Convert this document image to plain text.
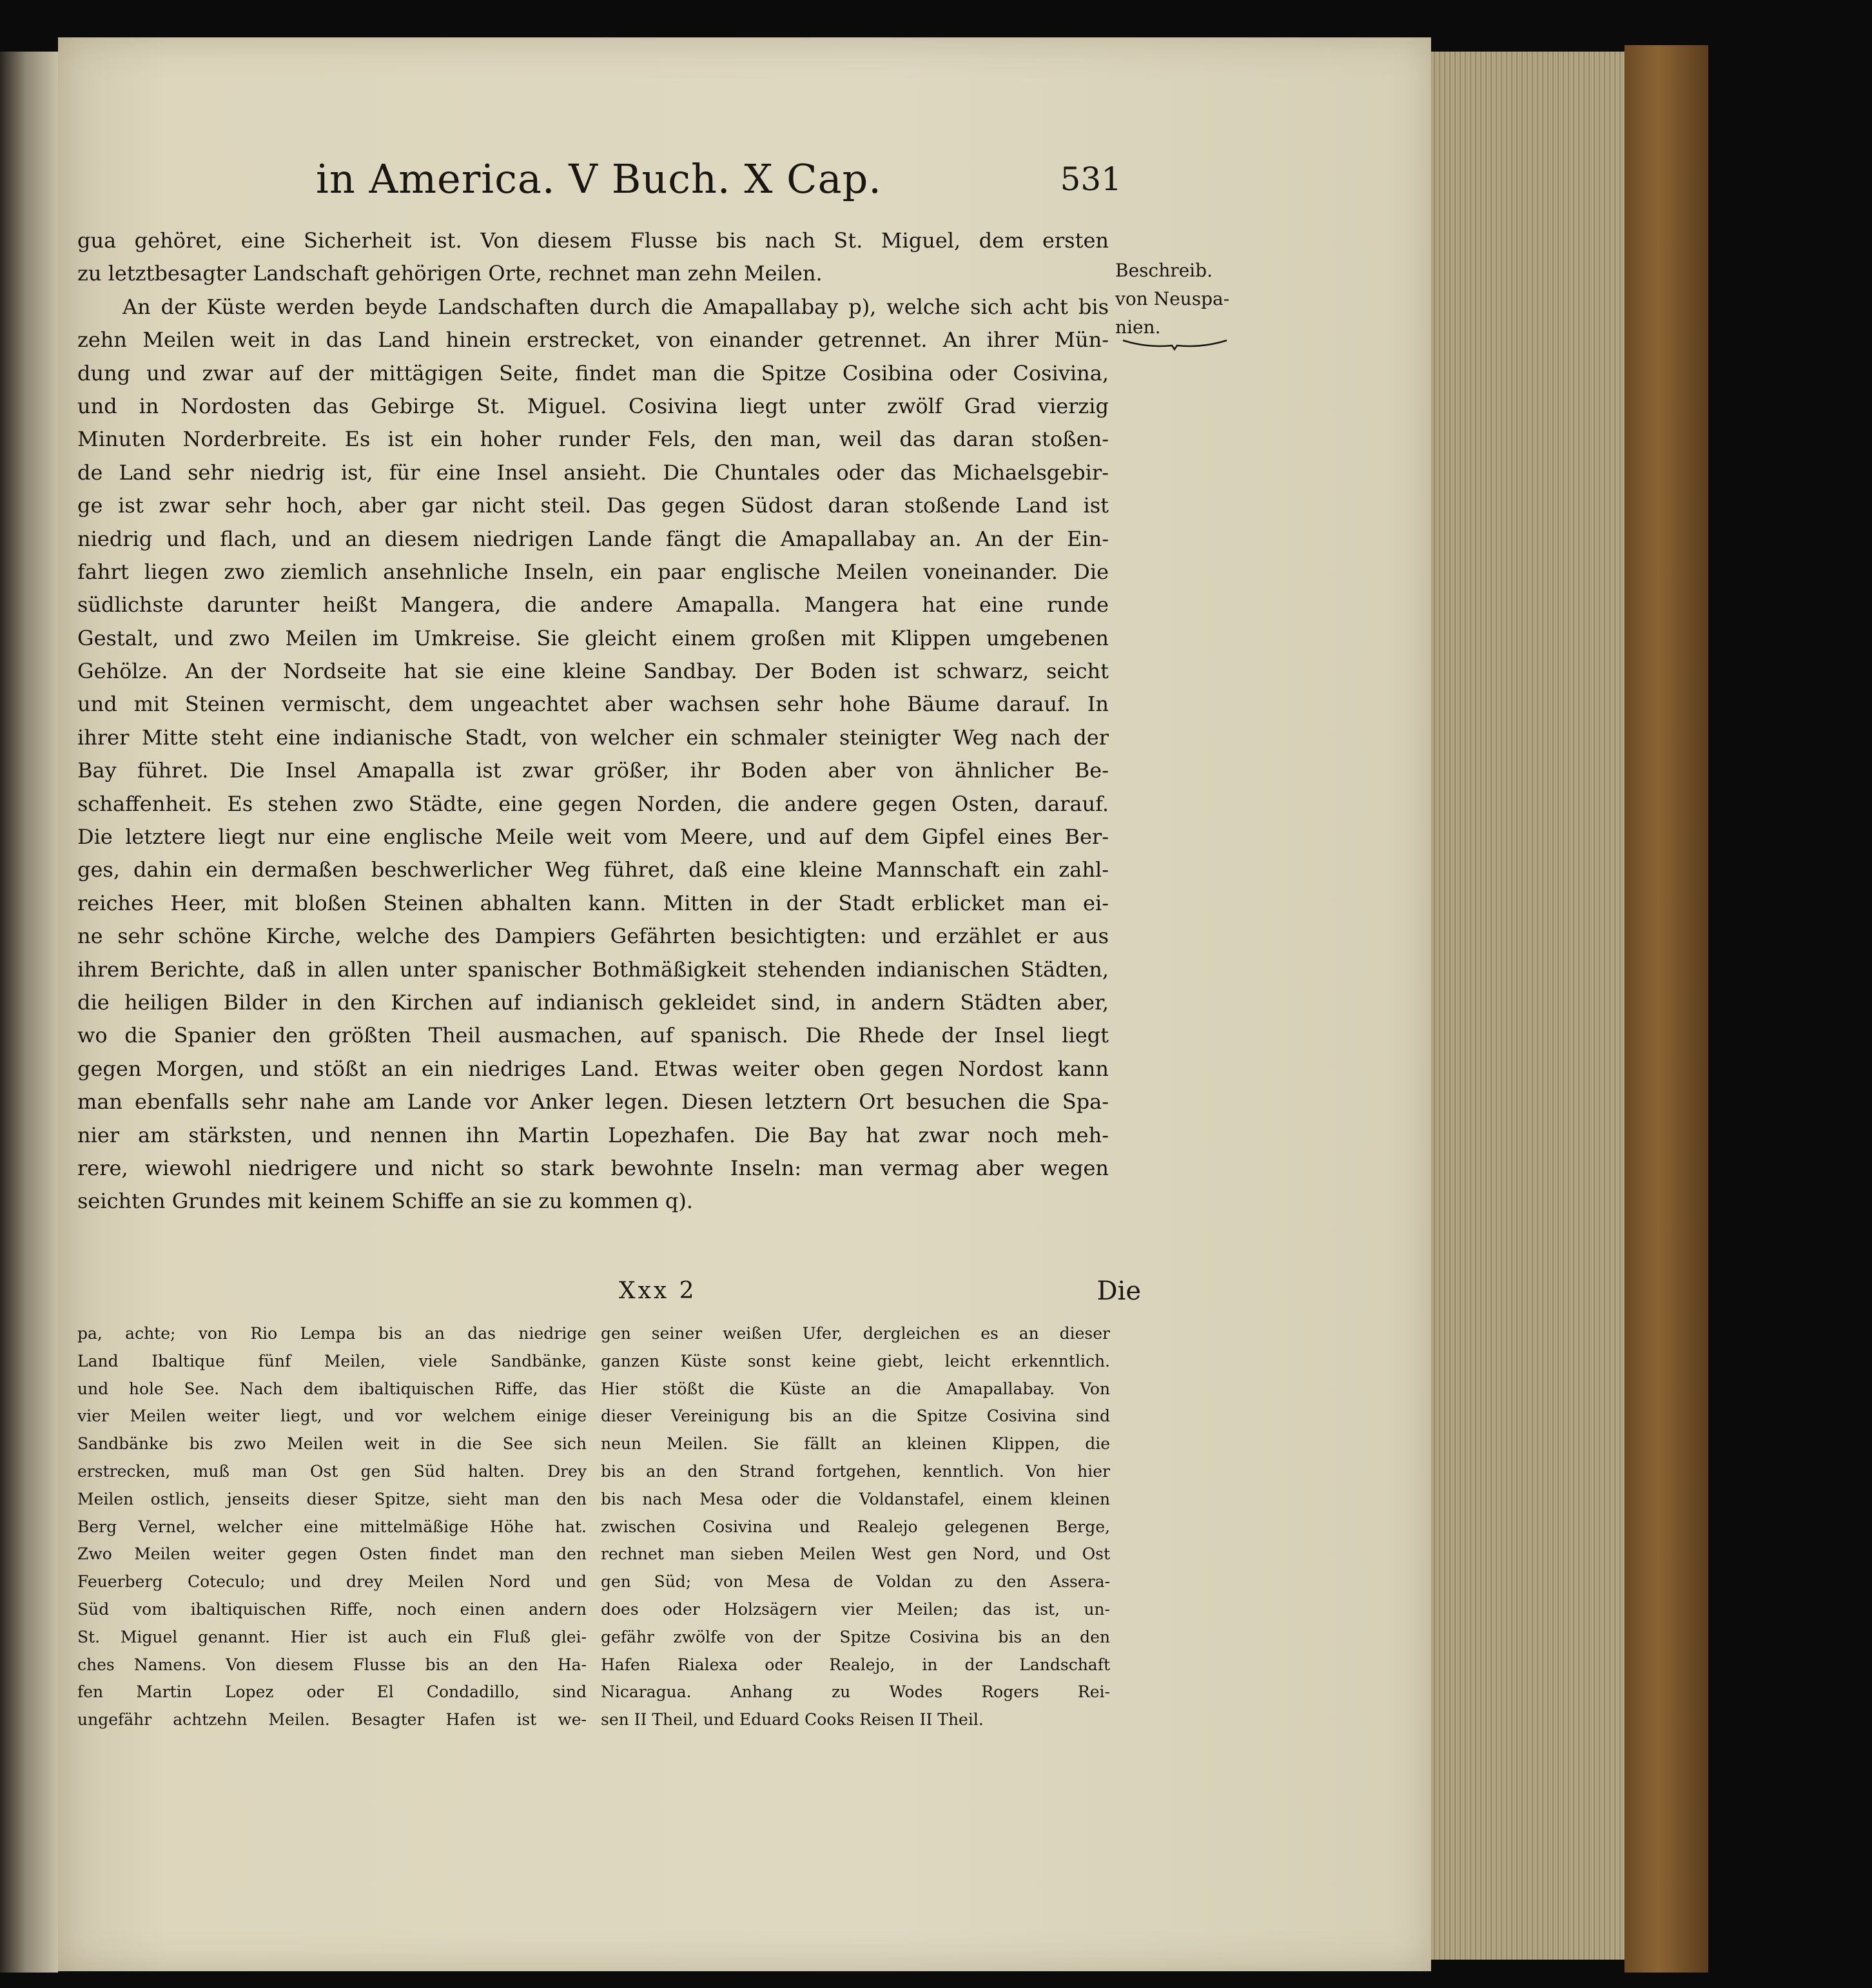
in America. V Buch. X Cap.	531
Beschreib.
von Neuspa-
nien.
gua gehöret, eine Sicherheit ist. Von diesem Flusse bis nach St. Miguel, dem ersten
zu letztbesagter Landschaft gehörigen Orte, rechnet man zehn Meilen.
An der Küste werden beyde Landschaften durch die Amapallabay p), welche sich acht bis
zehn Meilen weit in das Land hinein erstrecket, von einander getrennet. An ihrer Mün-
dung und zwar auf der mittägigen Seite, findet man die Spitze Cosibina oder Cosivina,
und in Nordosten das Gebirge St. Miguel. Cosivina liegt unter zwölf Grad vierzig
Minuten Norderbreite. Es ist ein hoher runder Fels, den man, weil das daran stoßen-
de Land sehr niedrig ist, für eine Insel ansieht. Die Chuntales oder das Michaelsgebir-
ge ist zwar sehr hoch, aber gar nicht steil. Das gegen Südost daran stoßende Land ist
niedrig und flach, und an diesem niedrigen Lande fängt die Amapallabay an. An der Ein-
fahrt liegen zwo ziemlich ansehnliche Inseln, ein paar englische Meilen voneinander. Die
südlichste darunter heißt Mangera, die andere Amapalla. Mangera hat eine runde
Gestalt, und zwo Meilen im Umkreise. Sie gleicht einem großen mit Klippen umgebenen
Gehölze. An der Nordseite hat sie eine kleine Sandbay. Der Boden ist schwarz, seicht
und mit Steinen vermischt, dem ungeachtet aber wachsen sehr hohe Bäume darauf. In
ihrer Mitte steht eine indianische Stadt, von welcher ein schmaler steinigter Weg nach der
Bay führet. Die Insel Amapalla ist zwar größer, ihr Boden aber von ähnlicher Be-
schaffenheit. Es stehen zwo Städte, eine gegen Norden, die andere gegen Osten, darauf.
Die letztere liegt nur eine englische Meile weit vom Meere, und auf dem Gipfel eines Ber-
ges, dahin ein dermaßen beschwerlicher Weg führet, daß eine kleine Mannschaft ein zahl-
reiches Heer, mit bloßen Steinen abhalten kann. Mitten in der Stadt erblicket man ei-
ne sehr schöne Kirche, welche des Dampiers Gefährten besichtigten: und erzählet er aus
ihrem Berichte, daß in allen unter spanischer Bothmäßigkeit stehenden indianischen Städten,
die heiligen Bilder in den Kirchen auf indianisch gekleidet sind, in andern Städten aber,
wo die Spanier den größten Theil ausmachen, auf spanisch. Die Rhede der Insel liegt
gegen Morgen, und stößt an ein niedriges Land. Etwas weiter oben gegen Nordost kann
man ebenfalls sehr nahe am Lande vor Anker legen. Diesen letztern Ort besuchen die Spa-
nier am stärksten, und nennen ihn Martin Lopezhafen. Die Bay hat zwar noch meh-
rere, wiewohl niedrigere und nicht so stark bewohnte Inseln: man vermag aber wegen
seichten Grundes mit keinem Schiffe an sie zu kommen q).
Xxx 2	Die
pa, achte; von Rio Lempa bis an das niedrige
Land Ibaltique fünf Meilen, viele Sandbänke,
und hole See. Nach dem ibaltiquischen Riffe, das
vier Meilen weiter liegt, und vor welchem einige
Sandbänke bis zwo Meilen weit in die See sich
erstrecken, muß man Ost gen Süd halten. Drey
Meilen ostlich, jenseits dieser Spitze, sieht man den
Berg Vernel, welcher eine mittelmäßige Höhe hat.
Zwo Meilen weiter gegen Osten findet man den
Feuerberg Coteculo; und drey Meilen Nord und
Süd vom ibaltiquischen Riffe, noch einen andern
St. Miguel genannt. Hier ist auch ein Fluß glei-
ches Namens. Von diesem Flusse bis an den Ha-
fen Martin Lopez oder El Condadillo, sind
ungefähr achtzehn Meilen. Besagter Hafen ist we-
gen seiner weißen Ufer, dergleichen es an dieser
ganzen Küste sonst keine giebt, leicht erkenntlich.
Hier stößt die Küste an die Amapallabay. Von
dieser Vereinigung bis an die Spitze Cosivina sind
neun Meilen. Sie fällt an kleinen Klippen, die
bis an den Strand fortgehen, kenntlich. Von hier
bis nach Mesa oder die Voldanstafel, einem kleinen
zwischen Cosivina und Realejo gelegenen Berge,
rechnet man sieben Meilen West gen Nord, und Ost
gen Süd; von Mesa de Voldan zu den Assera-
does oder Holzsägern vier Meilen; das ist, un-
gefähr zwölfe von der Spitze Cosivina bis an den
Hafen Rialexa oder Realejo, in der Landschaft
Nicaragua. Anhang zu Wodes Rogers Rei-
sen II Theil, und Eduard Cooks Reisen II Theil.
